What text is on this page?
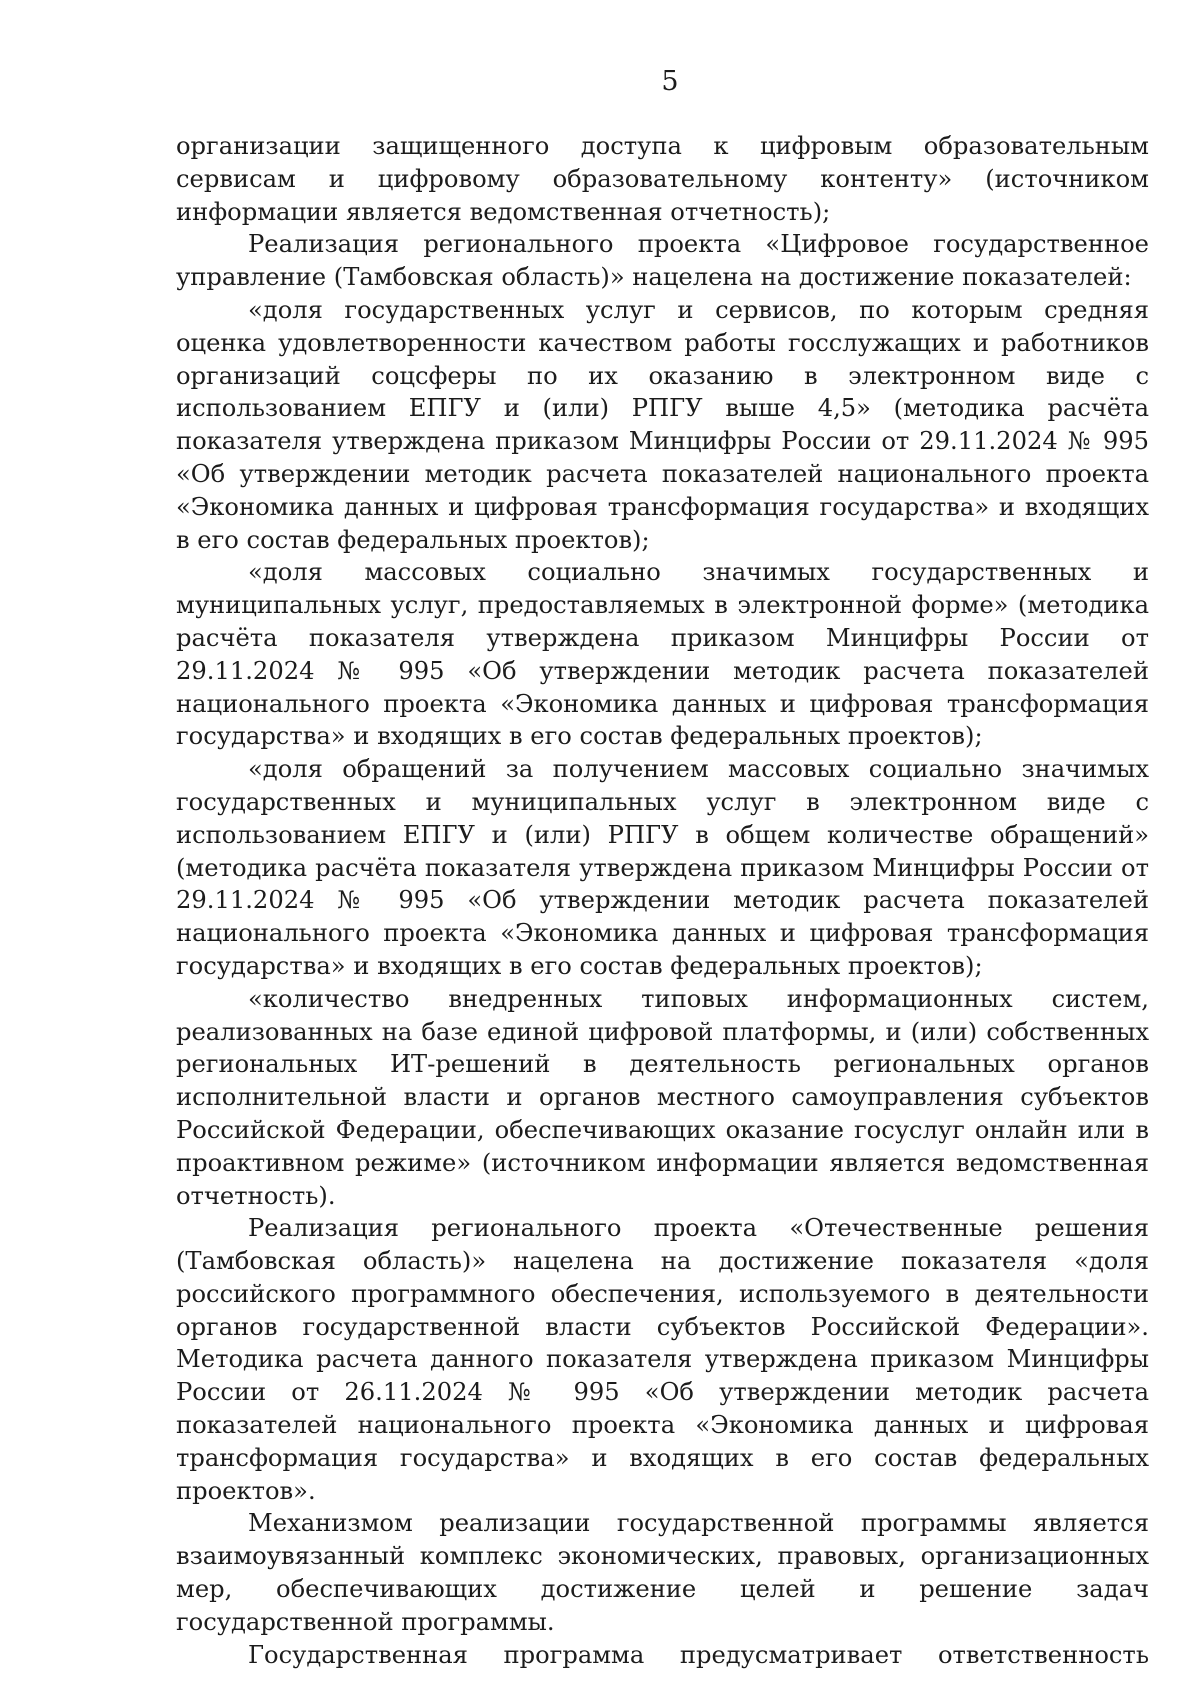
5

организации защищенного доступа к цифровым образовательным сервисам и цифровому образовательному контенту» (источником информации является ведомственная отчетность);

Реализация регионального проекта «Цифровое государственное управление (Тамбовская область)» нацелена на достижение показателей:

«доля государственных услуг и сервисов, по которым средняя оценка удовлетворенности качеством работы госслужащих и работников организаций соцсферы по их оказанию в электронном виде с использованием ЕПГУ и (или) РПГУ выше 4,5» (методика расчёта показателя утверждена приказом Минцифры России от 29.11.2024 № 995 «Об утверждении методик расчета показателей национального проекта «Экономика данных и цифровая трансформация государства» и входящих в его состав федеральных проектов);

«доля массовых социально значимых государственных и муниципальных услуг, предоставляемых в электронной форме» (методика расчёта показателя утверждена приказом Минцифры России от 29.11.2024 № 995 «Об утверждении методик расчета показателей национального проекта «Экономика данных и цифровая трансформация государства» и входящих в его состав федеральных проектов);

«доля обращений за получением массовых социально значимых государственных и муниципальных услуг в электронном виде с использованием ЕПГУ и (или) РПГУ в общем количестве обращений» (методика расчёта показателя утверждена приказом Минцифры России от 29.11.2024 № 995 «Об утверждении методик расчета показателей национального проекта «Экономика данных и цифровая трансформация государства» и входящих в его состав федеральных проектов);

«количество внедренных типовых информационных систем, реализованных на базе единой цифровой платформы, и (или) собственных региональных ИТ-решений в деятельность региональных органов исполнительной власти и органов местного самоуправления субъектов Российской Федерации, обеспечивающих оказание госуслуг онлайн или в проактивном режиме» (источником информации является ведомственная отчетность).

Реализация регионального проекта «Отечественные решения (Тамбовская область)» нацелена на достижение показателя «доля российского программного обеспечения, используемого в деятельности органов государственной власти субъектов Российской Федерации». Методика расчета данного показателя утверждена приказом Минцифры России от 26.11.2024 № 995 «Об утверждении методик расчета показателей национального проекта «Экономика данных и цифровая трансформация государства» и входящих в его состав федеральных проектов».

Механизмом реализации государственной программы является взаимоувязанный комплекс экономических, правовых, организационных мер, обеспечивающих достижение целей и решение задач государственной программы.

Государственная программа предусматривает ответственность
